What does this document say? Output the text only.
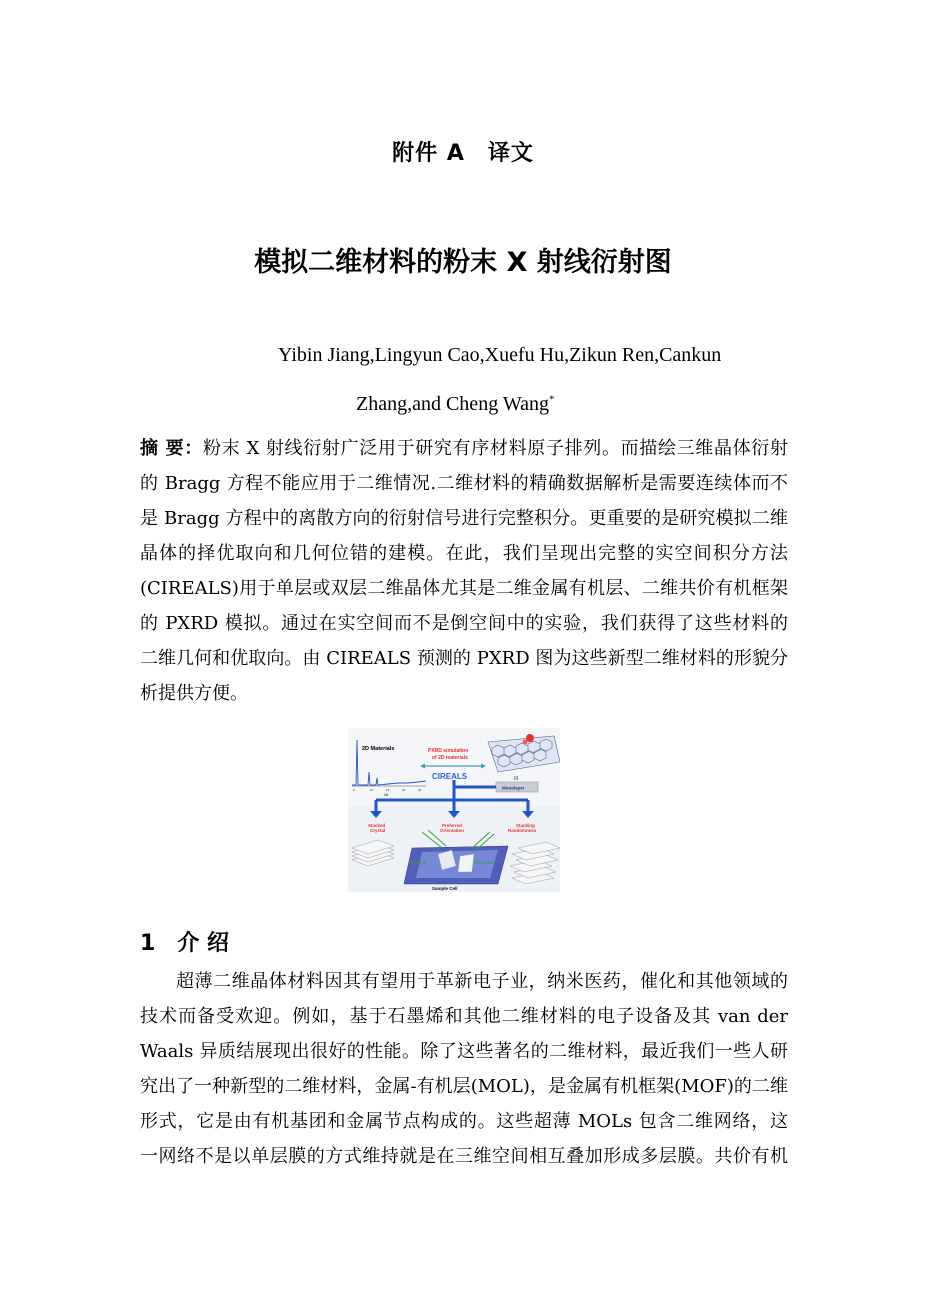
附件 A　译文
模拟二维材料的粉末 X 射线衍射图
Yibin Jiang,Lingyun Cao,Xuefu Hu,Zikun Ren,Cankun
Zhang,and Cheng Wang*
摘 要：粉末 X 射线衍射广泛用于研究有序材料原子排列。而描绘三维晶体衍射
的 Bragg 方程不能应用于二维情况.二维材料的精确数据解析是需要连续体而不
是 Bragg 方程中的离散方向的衍射信号进行完整积分。更重要的是研究模拟二维
晶体的择优取向和几何位错的建模。在此，我们呈现出完整的实空间积分方法
(CIREALS)用于单层或双层二维晶体尤其是二维金属有机层、二维共价有机框架
的 PXRD 模拟。通过在实空间而不是倒空间中的实验，我们获得了这些材料的
二维几何和优取向。由 CIREALS 预测的 PXRD 图为这些新型二维材料的形貌分
析提供方便。
2D Materials
5	10	15	20	25
2θ
PXRD simulation
of 2D materials
CIREALS	III
Monolayer
Stacked
Crystal
Preferred
Orientation
Stacking
Randomness
X-ray in	X-ray out
Sample Cell
1 介 绍
超薄二维晶体材料因其有望用于革新电子业，纳米医药，催化和其他领域的
技术而备受欢迎。例如，基于石墨烯和其他二维材料的电子设备及其 van der
Waals 异质结展现出很好的性能。除了这些著名的二维材料，最近我们一些人研
究出了一种新型的二维材料，金属-有机层(MOL)，是金属有机框架(MOF)的二维
形式，它是由有机基团和金属节点构成的。这些超薄 MOLs 包含二维网络，这
一网络不是以单层膜的方式维持就是在三维空间相互叠加形成多层膜。共价有机
